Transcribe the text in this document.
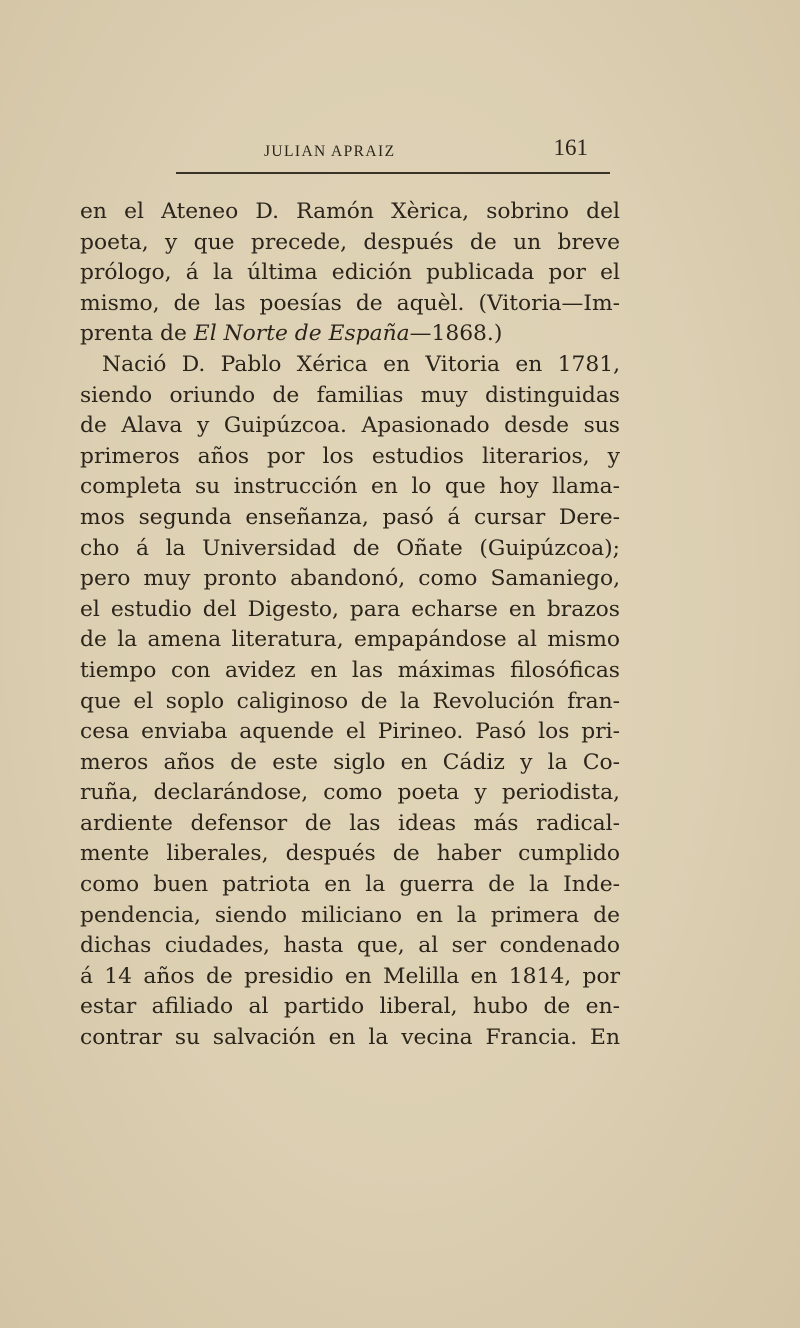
JULIAN APRAIZ	161
en el Ateneo D. Ramón Xèrica, sobrino del
poeta, y que precede, después de un breve
prólogo, á la última edición publicada por el
mismo, de las poesías de aquèl. (Vitoria—Im-
prenta de El Norte de España—1868.)
Nació D. Pablo Xérica en Vitoria en 1781,
siendo oriundo de familias muy distinguidas
de Alava y Guipúzcoa. Apasionado desde sus
primeros años por los estudios literarios, y
completa su instrucción en lo que hoy llama-
mos segunda enseñanza, pasó á cursar Dere-
cho á la Universidad de Oñate (Guipúzcoa);
pero muy pronto abandonó, como Samaniego,
el estudio del Digesto, para echarse en brazos
de la amena literatura, empapándose al mismo
tiempo con avidez en las máximas filosóficas
que el soplo caliginoso de la Revolución fran-
cesa enviaba aquende el Pirineo. Pasó los pri-
meros años de este siglo en Cádiz y la Co-
ruña, declarándose, como poeta y periodista,
ardiente defensor de las ideas más radical-
mente liberales, después de haber cumplido
como buen patriota en la guerra de la Inde-
pendencia, siendo miliciano en la primera de
dichas ciudades, hasta que, al ser condenado
á 14 años de presidio en Melilla en 1814, por
estar afiliado al partido liberal, hubo de en-
contrar su salvación en la vecina Francia. En
